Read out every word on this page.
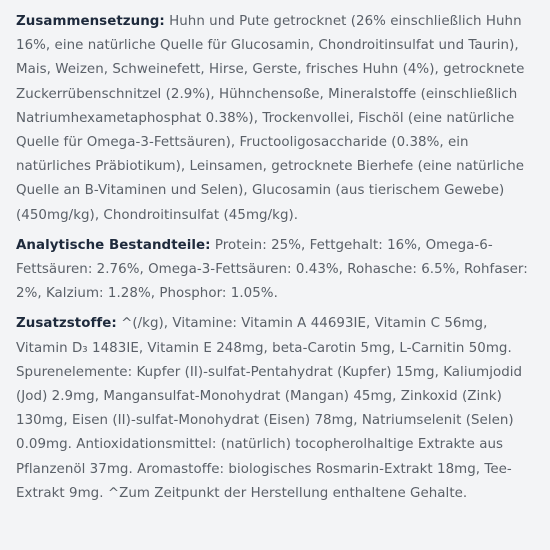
Zusammensetzung: Huhn und Pute getrocknet (26% einschließlich Huhn 16%, eine natürliche Quelle für Glucosamin, Chondroitinsulfat und Taurin), Mais, Weizen, Schweinefett, Hirse, Gerste, frisches Huhn (4%), getrocknete Zuckerrübenschnitzel (2.9%), Hühnchensoße, Mineralstoffe (einschließlich Natriumhexametaphosphat 0.38%), Trockenvollei, Fischöl (eine natürliche Quelle für Omega-3-Fettsäuren), Fructooligosaccharide (0.38%, ein natürliches Präbiotikum), Leinsamen, getrocknete Bierhefe (eine natürliche Quelle an B-Vitaminen und Selen), Glucosamin (aus tierischem Gewebe) (450mg/kg), Chondroitinsulfat (45mg/kg).

Analytische Bestandteile: Protein: 25%, Fettgehalt: 16%, Omega-6-Fettsäuren: 2.76%, Omega-3-Fettsäuren: 0.43%, Rohasche: 6.5%, Rohfaser: 2%, Kalzium: 1.28%, Phosphor: 1.05%.

Zusatzstoffe: ^(/kg), Vitamine: Vitamin A 44693IE, Vitamin C 56mg, Vitamin D₃ 1483IE, Vitamin E 248mg, beta-Carotin 5mg, L-Carnitin 50mg. Spurenelemente: Kupfer (II)-sulfat-Pentahydrat (Kupfer) 15mg, Kaliumjodid (Jod) 2.9mg, Mangansulfat-Monohydrat (Mangan) 45mg, Zinkoxid (Zink) 130mg, Eisen (II)-sulfat-Monohydrat (Eisen) 78mg, Natriumselenit (Selen) 0.09mg. Antioxidationsmittel: (natürlich) tocopherolhaltige Extrakte aus Pflanzenöl 37mg. Aromastoffe: biologisches Rosmarin-Extrakt 18mg, Tee-Extrakt 9mg. ^Zum Zeitpunkt der Herstellung enthaltene Gehalte.
